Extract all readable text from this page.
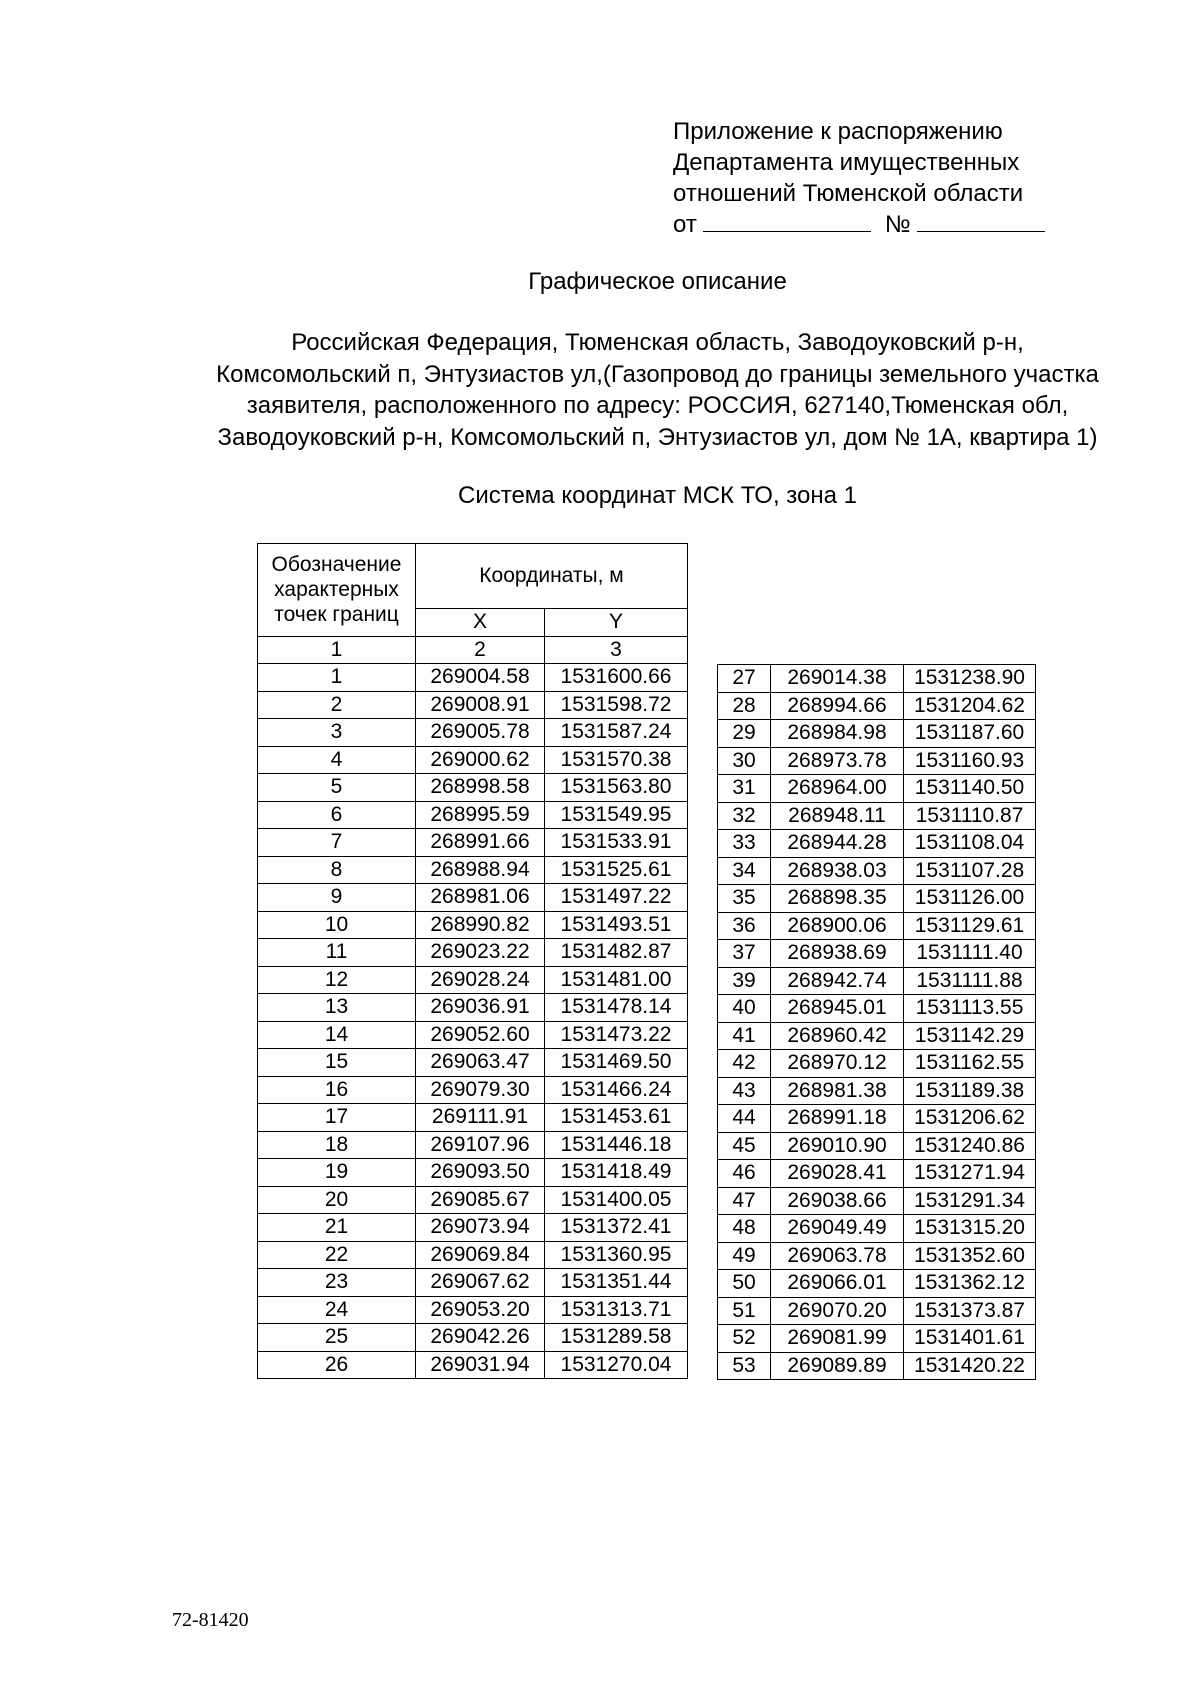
Приложение к распоряжению
Департамента имущественных
отношений Тюменской области
от	№
Графическое описание
Российская Федерация, Тюменская область, Заводоуковский р-н,
Комсомольский п, Энтузиастов ул,(Газопровод до границы земельного участка
заявителя, расположенного по адресу: РОССИЯ, 627140,Тюменская обл,
Заводоуковский р-н, Комсомольский п, Энтузиастов ул, дом № 1А, квартира 1)
Система координат МСК ТО, зона 1
Обозначение характерных точек границ	Координаты, м	
	X	Y
1	2	3
1	269004.58	1531600.66
2	269008.91	1531598.72
3	269005.78	1531587.24
4	269000.62	1531570.38
5	268998.58	1531563.80
6	268995.59	1531549.95
7	268991.66	1531533.91
8	268988.94	1531525.61
9	268981.06	1531497.22
10	268990.82	1531493.51
11	269023.22	1531482.87
12	269028.24	1531481.00
13	269036.91	1531478.14
14	269052.60	1531473.22
15	269063.47	1531469.50
16	269079.30	1531466.24
17	269111.91	1531453.61
18	269107.96	1531446.18
19	269093.50	1531418.49
20	269085.67	1531400.05
21	269073.94	1531372.41
22	269069.84	1531360.95
23	269067.62	1531351.44
24	269053.20	1531313.71
25	269042.26	1531289.58
26	269031.94	1531270.04
27	269014.38	1531238.90
28	268994.66	1531204.62
29	268984.98	1531187.60
30	268973.78	1531160.93
31	268964.00	1531140.50
32	268948.11	1531110.87
33	268944.28	1531108.04
34	268938.03	1531107.28
35	268898.35	1531126.00
36	268900.06	1531129.61
37	268938.69	1531111.40
39	268942.74	1531111.88
40	268945.01	1531113.55
41	268960.42	1531142.29
42	268970.12	1531162.55
43	268981.38	1531189.38
44	268991.18	1531206.62
45	269010.90	1531240.86
46	269028.41	1531271.94
47	269038.66	1531291.34
48	269049.49	1531315.20
49	269063.78	1531352.60
50	269066.01	1531362.12
51	269070.20	1531373.87
52	269081.99	1531401.61
53	269089.89	1531420.22
72-81420
